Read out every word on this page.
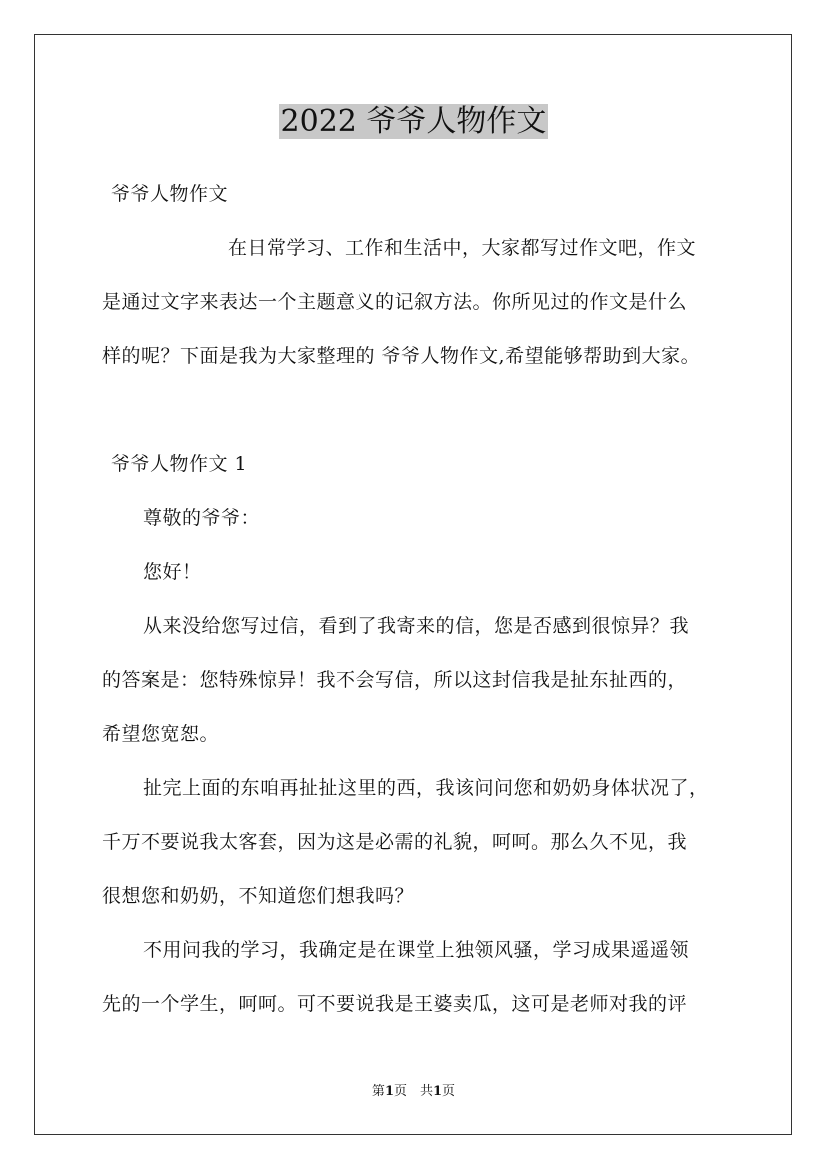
2022 爷爷人物作文
爷爷人物作文
在日常学习、工作和生活中，大家都写过作文吧，作文
是通过文字来表达一个主题意义的记叙方法。你所见过的作文是什么
样的呢？下面是我为大家整理的 爷爷人物作文,希望能够帮助到大家。
爷爷人物作文 1
尊敬的爷爷：
您好！
从来没给您写过信，看到了我寄来的信，您是否感到很惊异？我
的答案是：您特殊惊异！我不会写信，所以这封信我是扯东扯西的，
希望您宽恕。
扯完上面的东咱再扯扯这里的西，我该问问您和奶奶身体状况了，
千万不要说我太客套，因为这是必需的礼貌，呵呵。那么久不见，我
很想您和奶奶，不知道您们想我吗？
不用问我的学习，我确定是在课堂上独领风骚，学习成果遥遥领
先的一个学生，呵呵。可不要说我是王婆卖瓜，这可是老师对我的评
第1页　共1页
